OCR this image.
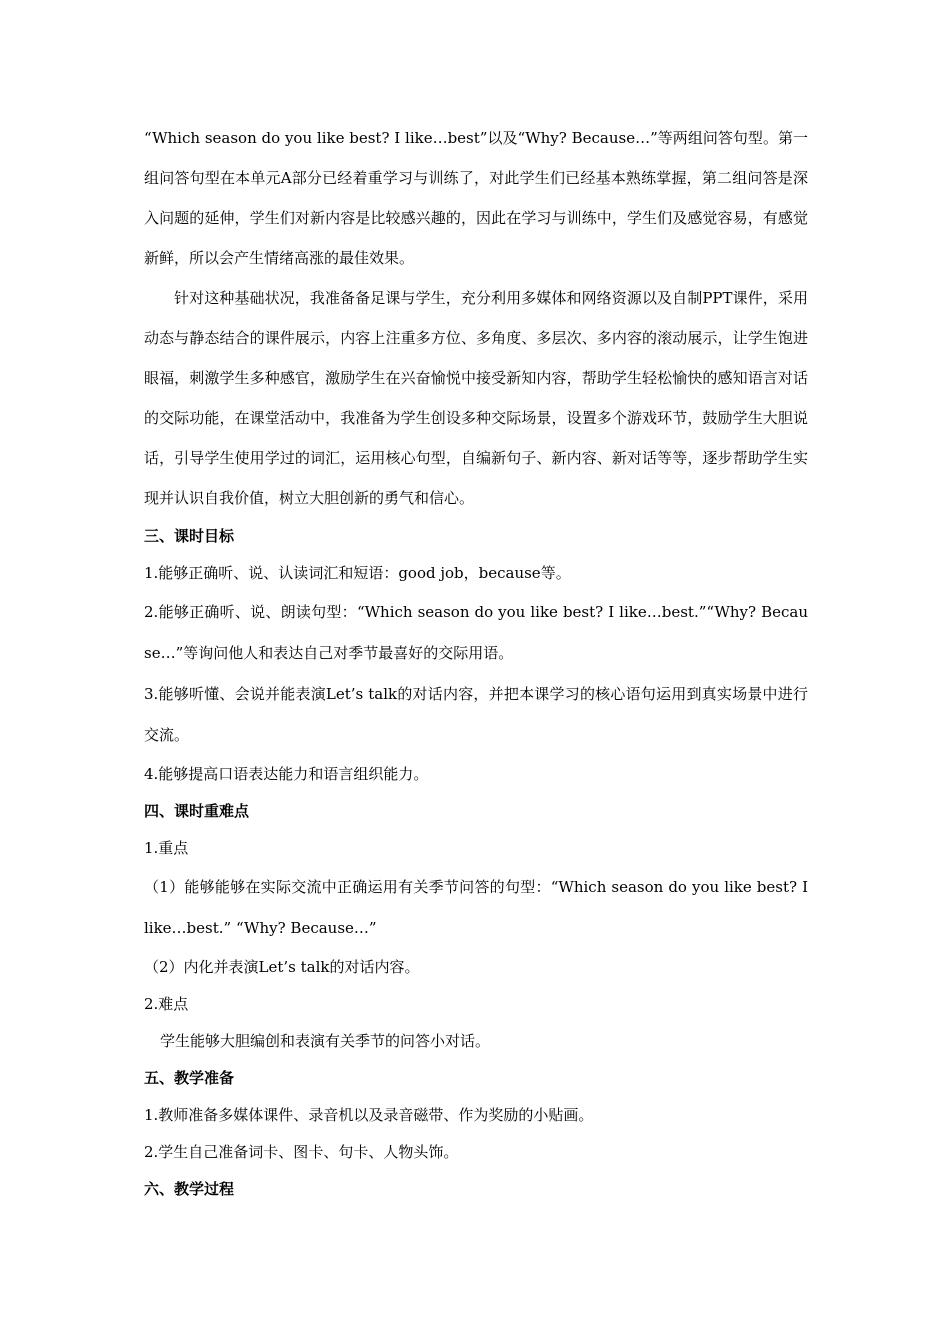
“Which season do you like best? I like…best”以及“Why? Because…”等两组问答句型。第一组问答句型在本单元A部分已经着重学习与训练了，对此学生们已经基本熟练掌握，第二组问答是深入问题的延伸，学生们对新内容是比较感兴趣的，因此在学习与训练中，学生们及感觉容易，有感觉新鲜，所以会产生情绪高涨的最佳效果。

针对这种基础状况，我准备备足课与学生，充分利用多媒体和网络资源以及自制PPT课件，采用动态与静态结合的课件展示，内容上注重多方位、多角度、多层次、多内容的滚动展示，让学生饱进眼福，刺激学生多种感官，激励学生在兴奋愉悦中接受新知内容，帮助学生轻松愉快的感知语言对话的交际功能，在课堂活动中，我准备为学生创设多种交际场景，设置多个游戏环节，鼓励学生大胆说话，引导学生使用学过的词汇，运用核心句型，自编新句子、新内容、新对话等等，逐步帮助学生实现并认识自我价值，树立大胆创新的勇气和信心。

三、课时目标

1.能够正确听、说、认读词汇和短语：good job，because等。

2.能够正确听、说、朗读句型：“Which season do you like best? I like…best.”“Why? Because…”等询问他人和表达自己对季节最喜好的交际用语。

3.能够听懂、会说并能表演Let’s talk的对话内容，并把本课学习的核心语句运用到真实场景中进行交流。

4.能够提高口语表达能力和语言组织能力。

四、课时重难点

1.重点

（1）能够能够在实际交流中正确运用有关季节问答的句型：“Which season do you like best? I like…best.” “Why? Because…”

（2）内化并表演Let’s talk的对话内容。

2.难点

学生能够大胆编创和表演有关季节的问答小对话。

五、教学准备

1.教师准备多媒体课件、录音机以及录音磁带、作为奖励的小贴画。

2.学生自己准备词卡、图卡、句卡、人物头饰。

六、教学过程
